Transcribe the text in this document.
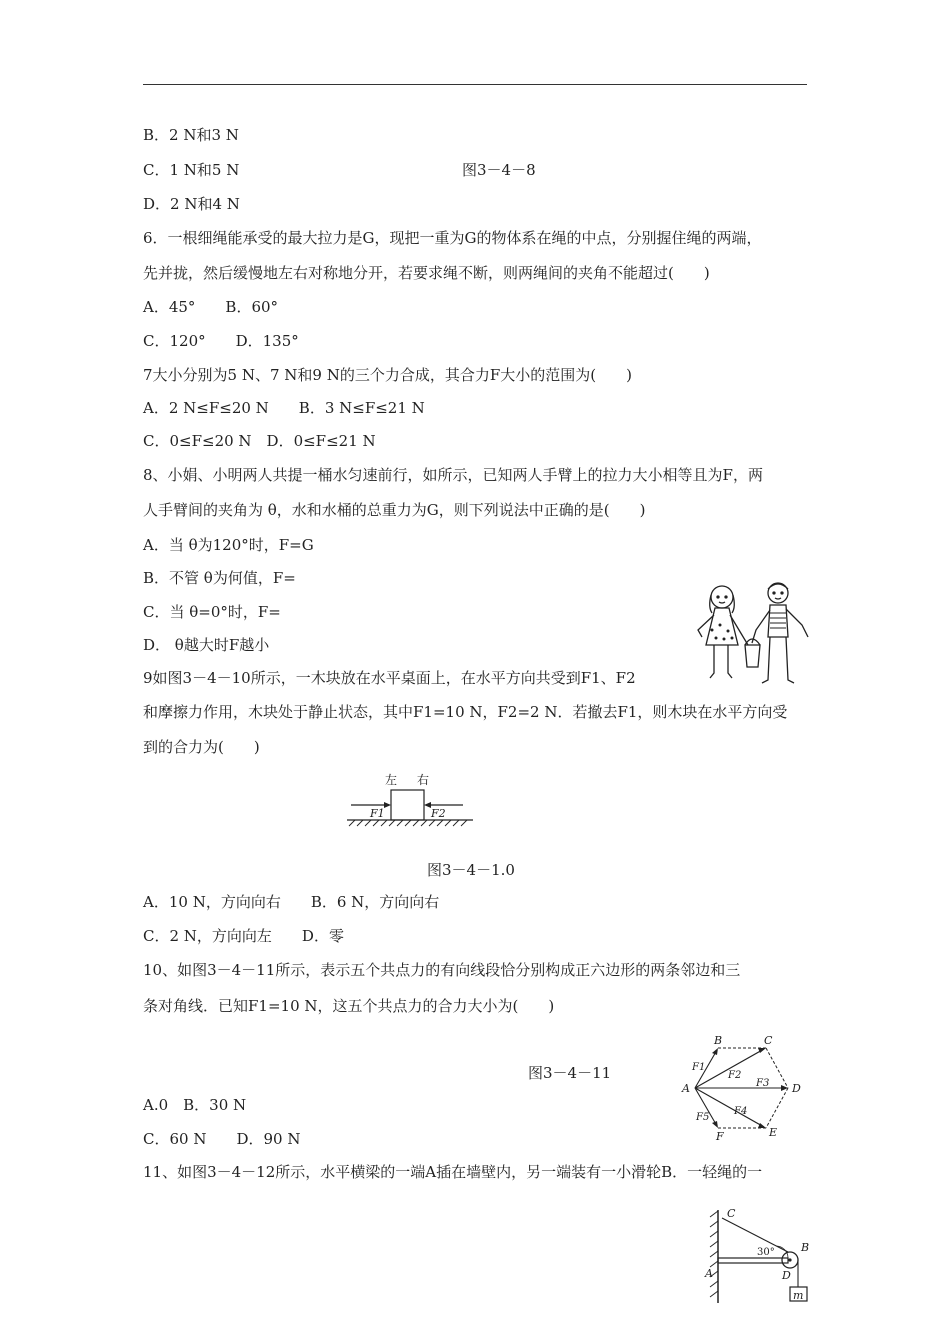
B．2 N和3 N
C．1 N和5 N	图3－4－8
D．2 N和4 N
6．一根细绳能承受的最大拉力是G，现把一重为G的物体系在绳的中点，分别握住绳的两端，
先并拢，然后缓慢地左右对称地分开，若要求绳不断，则两绳间的夹角不能超过(　　)
A．45°　　B．60°
C．120°　　D．135°
7大小分别为5 N、7 N和9 N的三个力合成，其合力F大小的范围为(　　)
A．2 N≤F≤20 N　　B．3 N≤F≤21 N
C．0≤F≤20 N　D．0≤F≤21 N
8、小娟、小明两人共提一桶水匀速前行，如所示，已知两人手臂上的拉力大小相等且为F，两
人手臂间的夹角为 θ，水和水桶的总重力为G，则下列说法中正确的是(　　)
A．当 θ为120°时，F=G
B．不管 θ为何值，F=
C．当 θ=0°时，F=
D． θ越大时F越小
9如图3－4－10所示，一木块放在水平桌面上，在水平方向共受到F1、F2
和摩擦力作用，木块处于静止状态，其中F1=10 N，F2=2 N．若撤去F1，则木块在水平方向受
到的合力为(　　)
左 右
F1	F2
图3－4－1.0
A．10 N，方向向右　　B．6 N，方向向右
C．2 N，方向向左　　D．零
10、如图3－4－11所示，表示五个共点力的有向线段恰分别构成正六边形的两条邻边和三
条对角线．已知F1=10 N，这五个共点力的合力大小为(　　)
图3－4－11
A
B	C
D
E
F
F1
F2
F3
F4
F5
A.0　B．30 N
C．60 N　　D．90 N
11、如图3－4－12所示，水平横梁的一端A插在墙壁内，另一端装有一小滑轮B．一轻绳的一
C
B
A	D
m
30°
